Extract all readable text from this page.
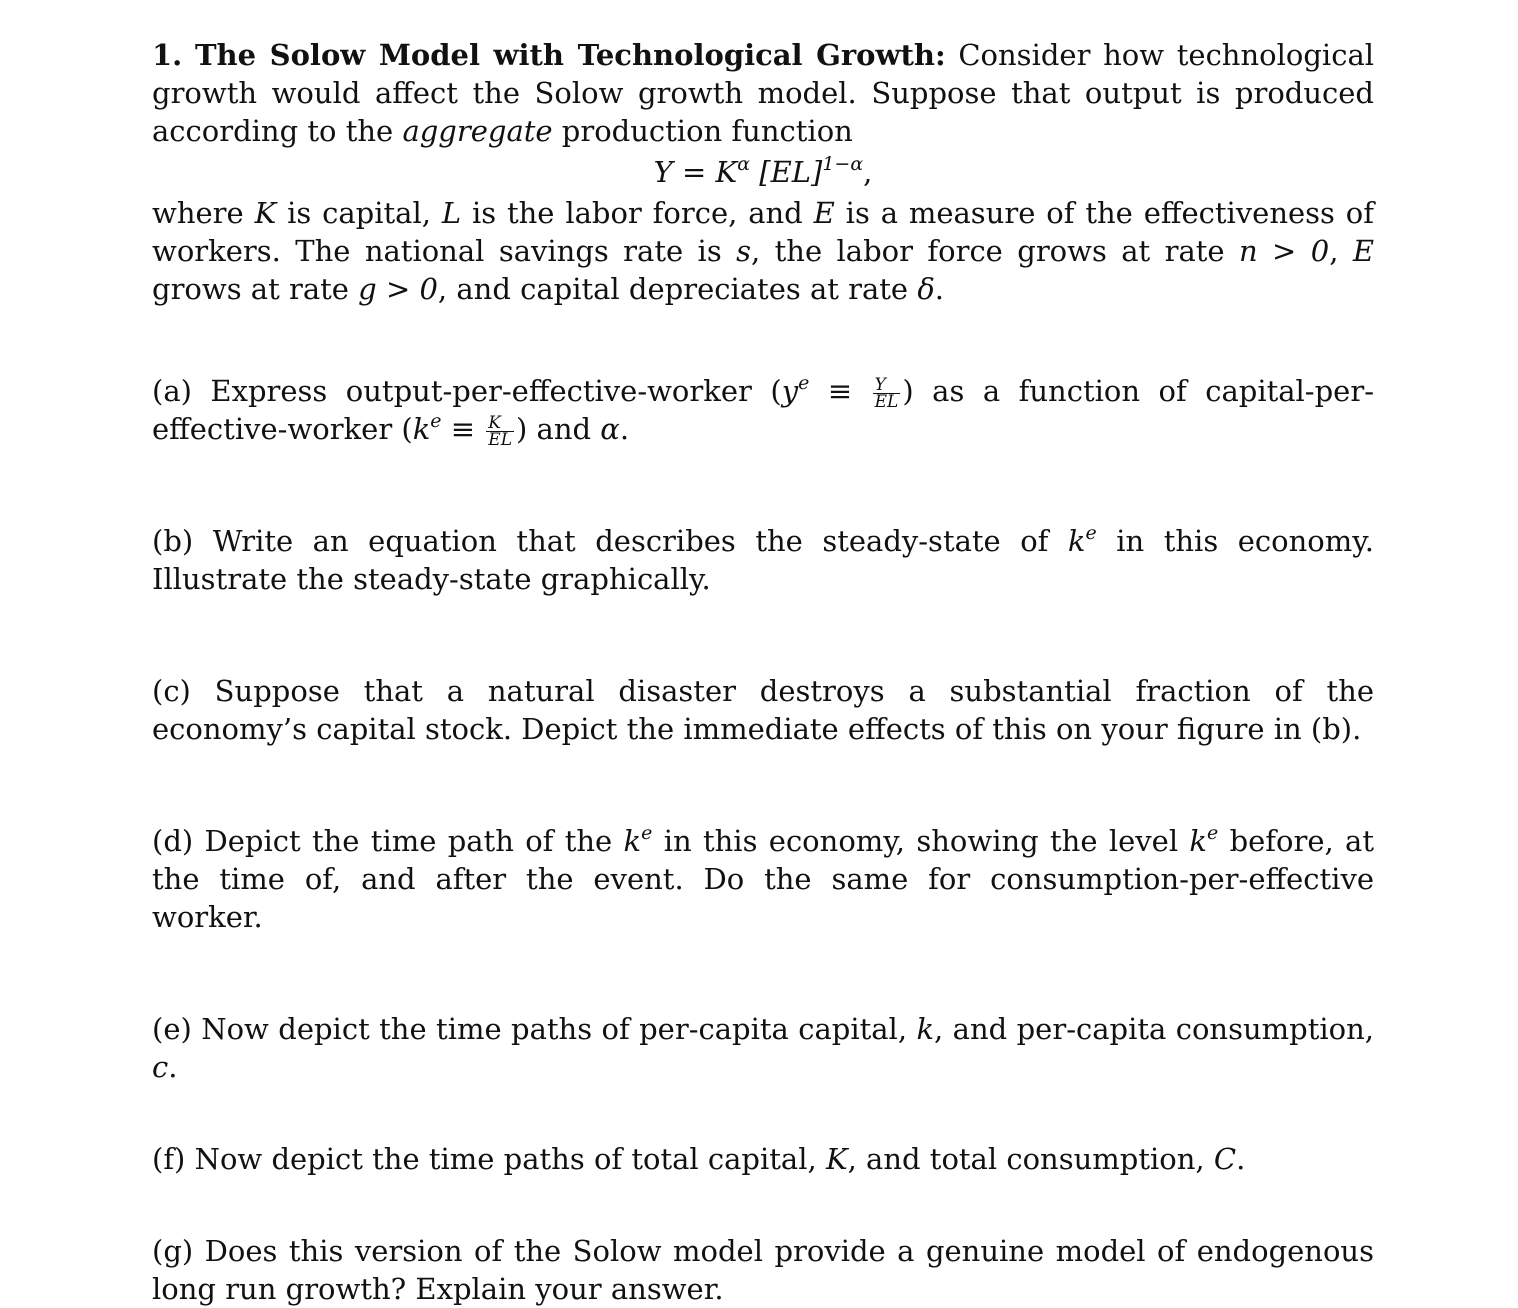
1. The Solow Model with Technological Growth: Consider how technological growth would affect the Solow growth model. Suppose that output is produced according to the aggregate production function

$Y = K^\alpha$ [EL]$^{1-\alpha}$,

where K is capital, L is the labor force, and E is a measure of the effectiveness of workers. The national savings rate is s, the labor force grows at rate n > 0, E grows at rate g > 0, and capital depreciates at rate δ.

(a) Express output-per-effective-worker ($y^e \equiv \frac{Y}{EL}$ ) as a function of capital-per-effective-worker ($k^e \equiv \frac{K}{EL}$ ) and α.

(b) Write an equation that describes the steady-state of $k^e$ in this economy. Illustrate the steady-state graphically.

(c) Suppose that a natural disaster destroys a substantial fraction of the economy’s capital stock. Depict the immediate effects of this on your figure in (b).

(d) Depict the time path of the $k^e$ in this economy, showing the level $k^e$ before, at the time of, and after the event. Do the same for consumption-per-effective worker.

(e) Now depict the time paths of per-capita capital, k, and per-capita consumption, c.

(f) Now depict the time paths of total capital, K, and total consumption, C.

(g) Does this version of the Solow model provide a genuine model of endogenous long run growth? Explain your answer.
